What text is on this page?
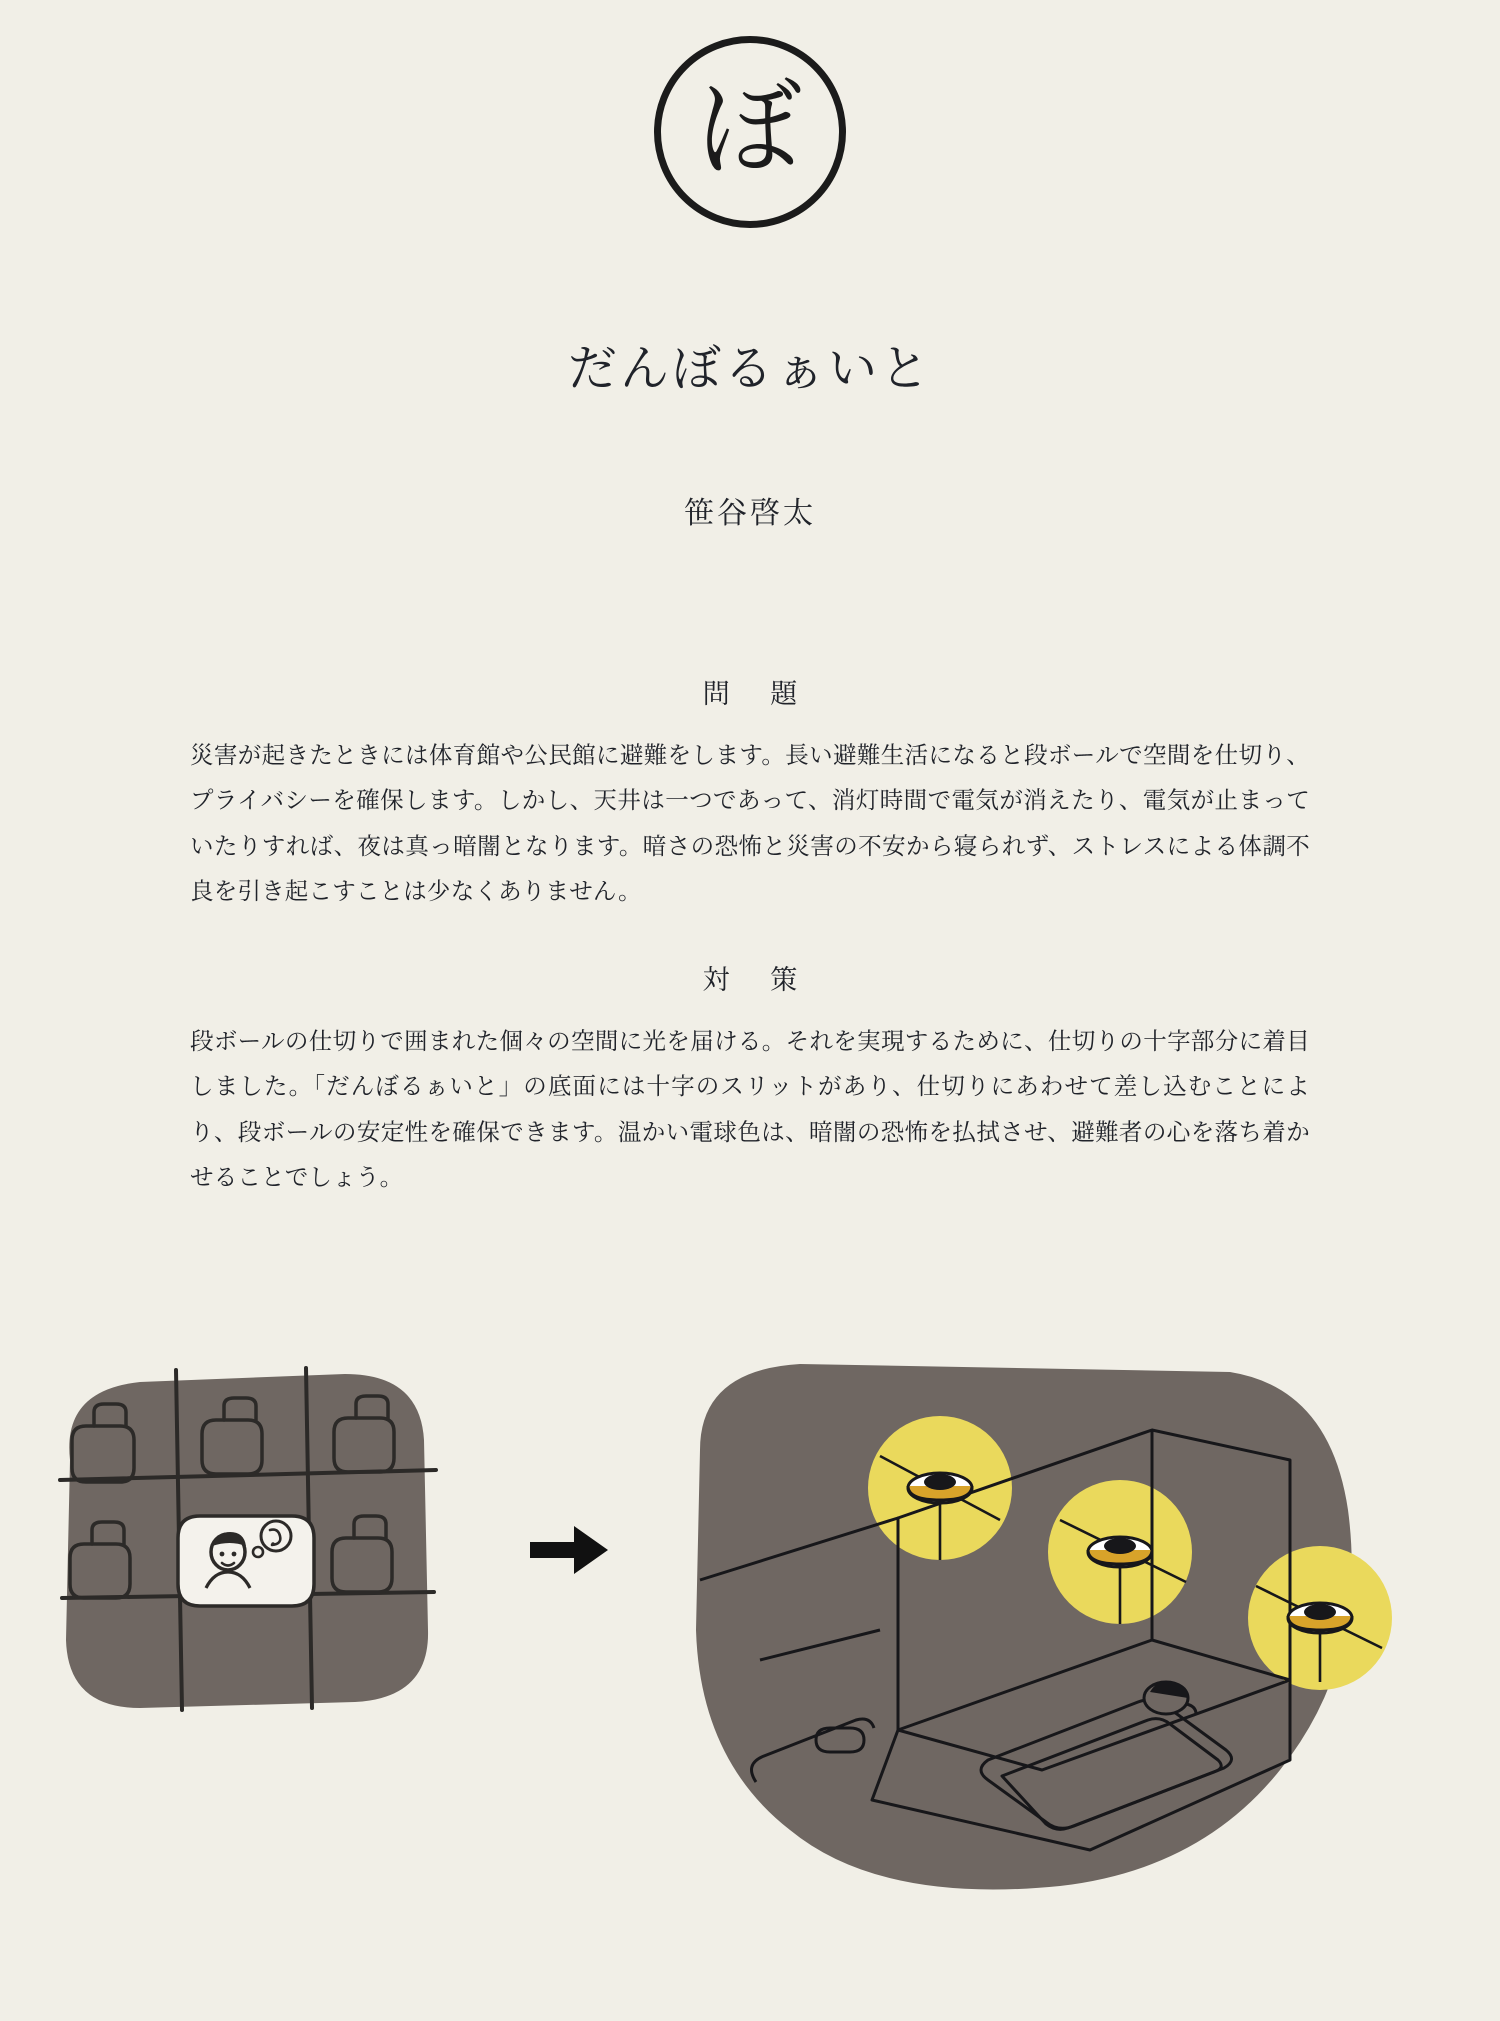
ぼ
だんぼるぁいと
笹谷啓太
問 題
災害が起きたときには体育館や公民館に避難をします。長い避難生活になると段ボールで空間を仕切り、プライバシーを確保します。しかし、天井は一つであって、消灯時間で電気が消えたり、電気が止まっていたりすれば、夜は真っ暗闇となります。暗さの恐怖と災害の不安から寝られず、ストレスによる体調不良を引き起こすことは少なくありません。
対 策
段ボールの仕切りで囲まれた個々の空間に光を届ける。それを実現するために、仕切りの十字部分に着目しました。「だんぼるぁいと」の底面には十字のスリットがあり、仕切りにあわせて差し込むことにより、段ボールの安定性を確保できます。温かい電球色は、暗闇の恐怖を払拭させ、避難者の心を落ち着かせることでしょう。
